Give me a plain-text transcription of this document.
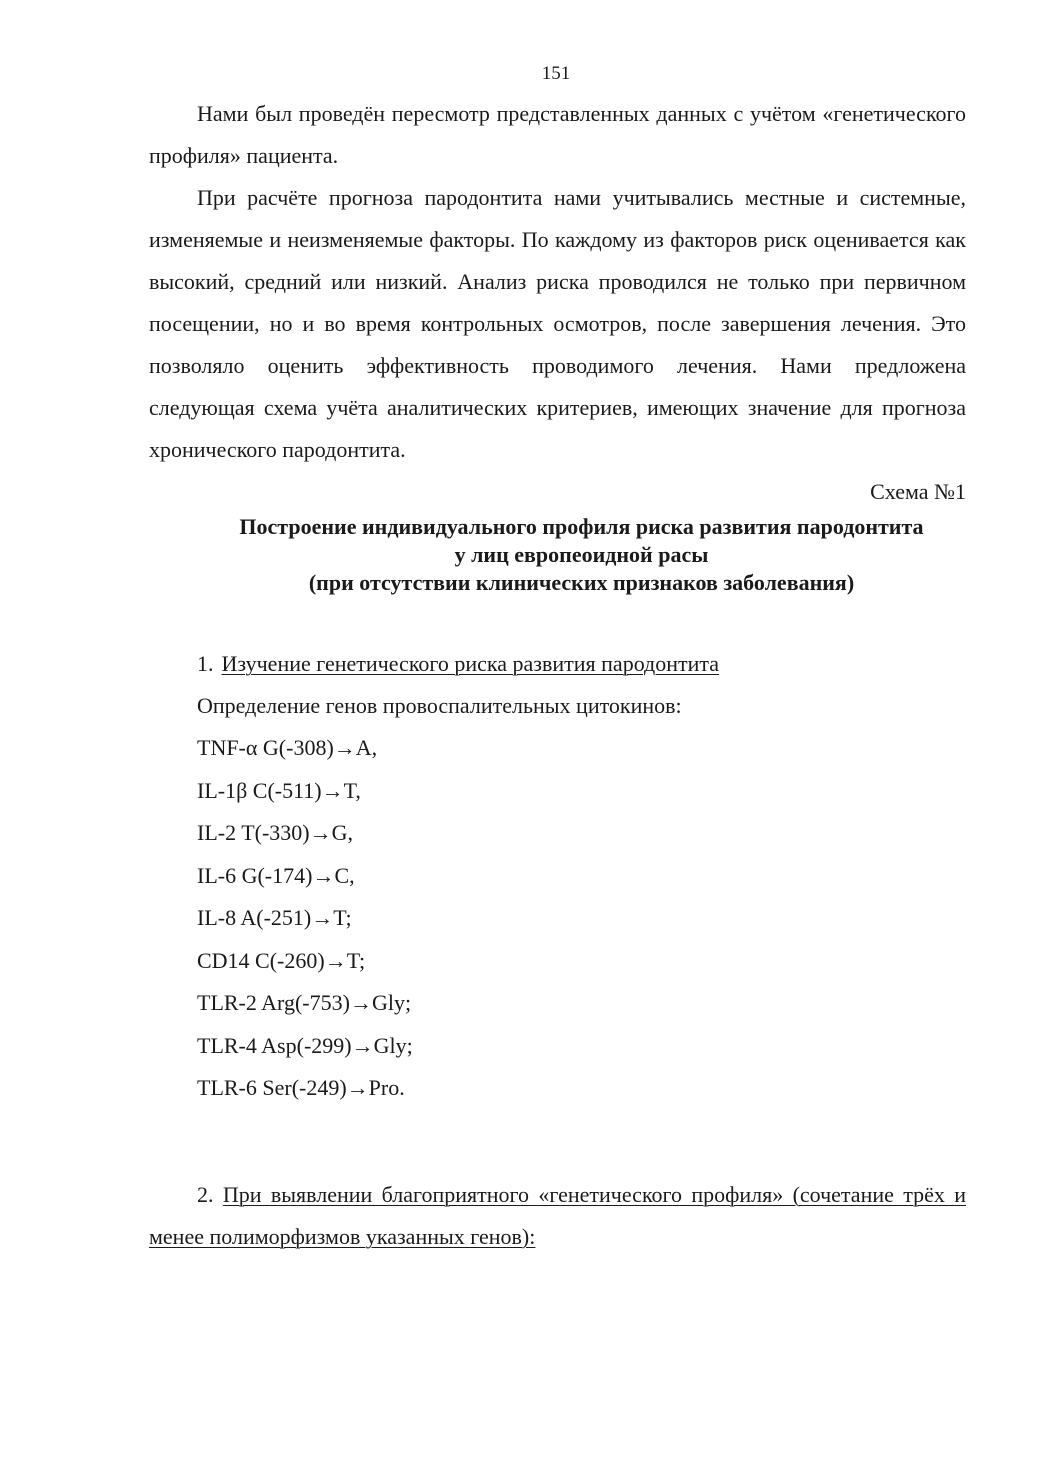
151

Нами был проведён пересмотр представленных данных с учётом «генетического профиля» пациента.

При расчёте прогноза пародонтита нами учитывались местные и системные, изменяемые и неизменяемые факторы. По каждому из факторов риск оценивается как высокий, средний или низкий. Анализ риска проводился не только при первичном посещении, но и во время контрольных осмотров, после завершения лечения. Это позволяло оценить эффективность проводимого лечения. Нами предложена следующая схема учёта аналитических критериев, имеющих значение для прогноза хронического пародонтита.

Схема №1

Построение индивидуального профиля риска развития пародонтита
у лиц европеоидной расы
(при отсутствии клинических признаков заболевания)

1. Изучение генетического риска развития пародонтита

Определение генов провоспалительных цитокинов:

TNF-α G(-308)→A,

IL-1β C(-511)→T,

IL-2 T(-330)→G,

IL-6 G(-174)→C,

IL-8 A(-251)→T;

CD14 C(-260)→T;

TLR-2 Arg(-753)→Gly;

TLR-4 Asp(-299)→Gly;

TLR-6 Ser(-249)→Pro.

2. При выявлении благоприятного «генетического профиля» (сочетание трёх и менее полиморфизмов указанных генов):
